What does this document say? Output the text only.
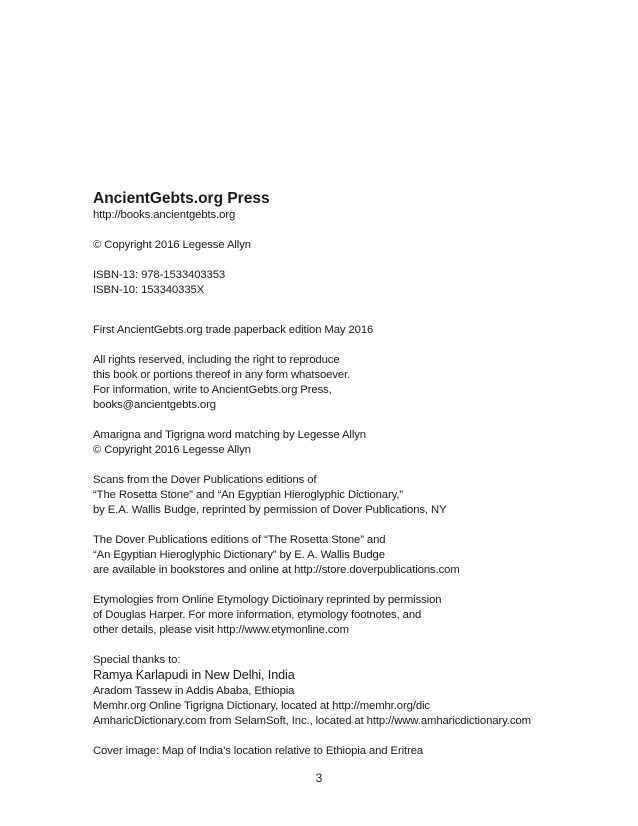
AncientGebts.org Press

http://books.ancientgebts.org

© Copyright 2016 Legesse Allyn

ISBN-13: 978-1533403353

ISBN-10: 153340335X

First AncientGebts.org trade paperback edition May 2016

All rights reserved, including the right to reproduce

this book or portions thereof in any form whatsoever.

For information, write to AncientGebts.org Press,

books@ancientgebts.org

Amarigna and Tigrigna word matching by Legesse Allyn

© Copyright 2016 Legesse Allyn

Scans from the Dover Publications editions of

“The Rosetta Stone” and “An Egyptian Hieroglyphic Dictionary,”

by E.A. Wallis Budge, reprinted by permission of Dover Publications, NY

The Dover Publications editions of “The Rosetta Stone” and

“An Egyptian Hieroglyphic Dictionary” by E. A. Wallis Budge

are available in bookstores and online at http://store.doverpublications.com

Etymologies from Online Etymology Dictioinary reprinted by permission

of Douglas Harper. For more information, etymology footnotes, and

other details, please visit http://www.etymonline.com

Special thanks to:

Ramya Karlapudi in New Delhi, India

Aradom Tassew in Addis Ababa, Ethiopia

Memhr.org Online Tigrigna Dictionary, located at http://memhr.org/dic

AmharicDictionary.com from SelamSoft, Inc., located at http://www.amharicdictionary.com

Cover image: Map of India’s location relative to Ethiopia and Eritrea

3
